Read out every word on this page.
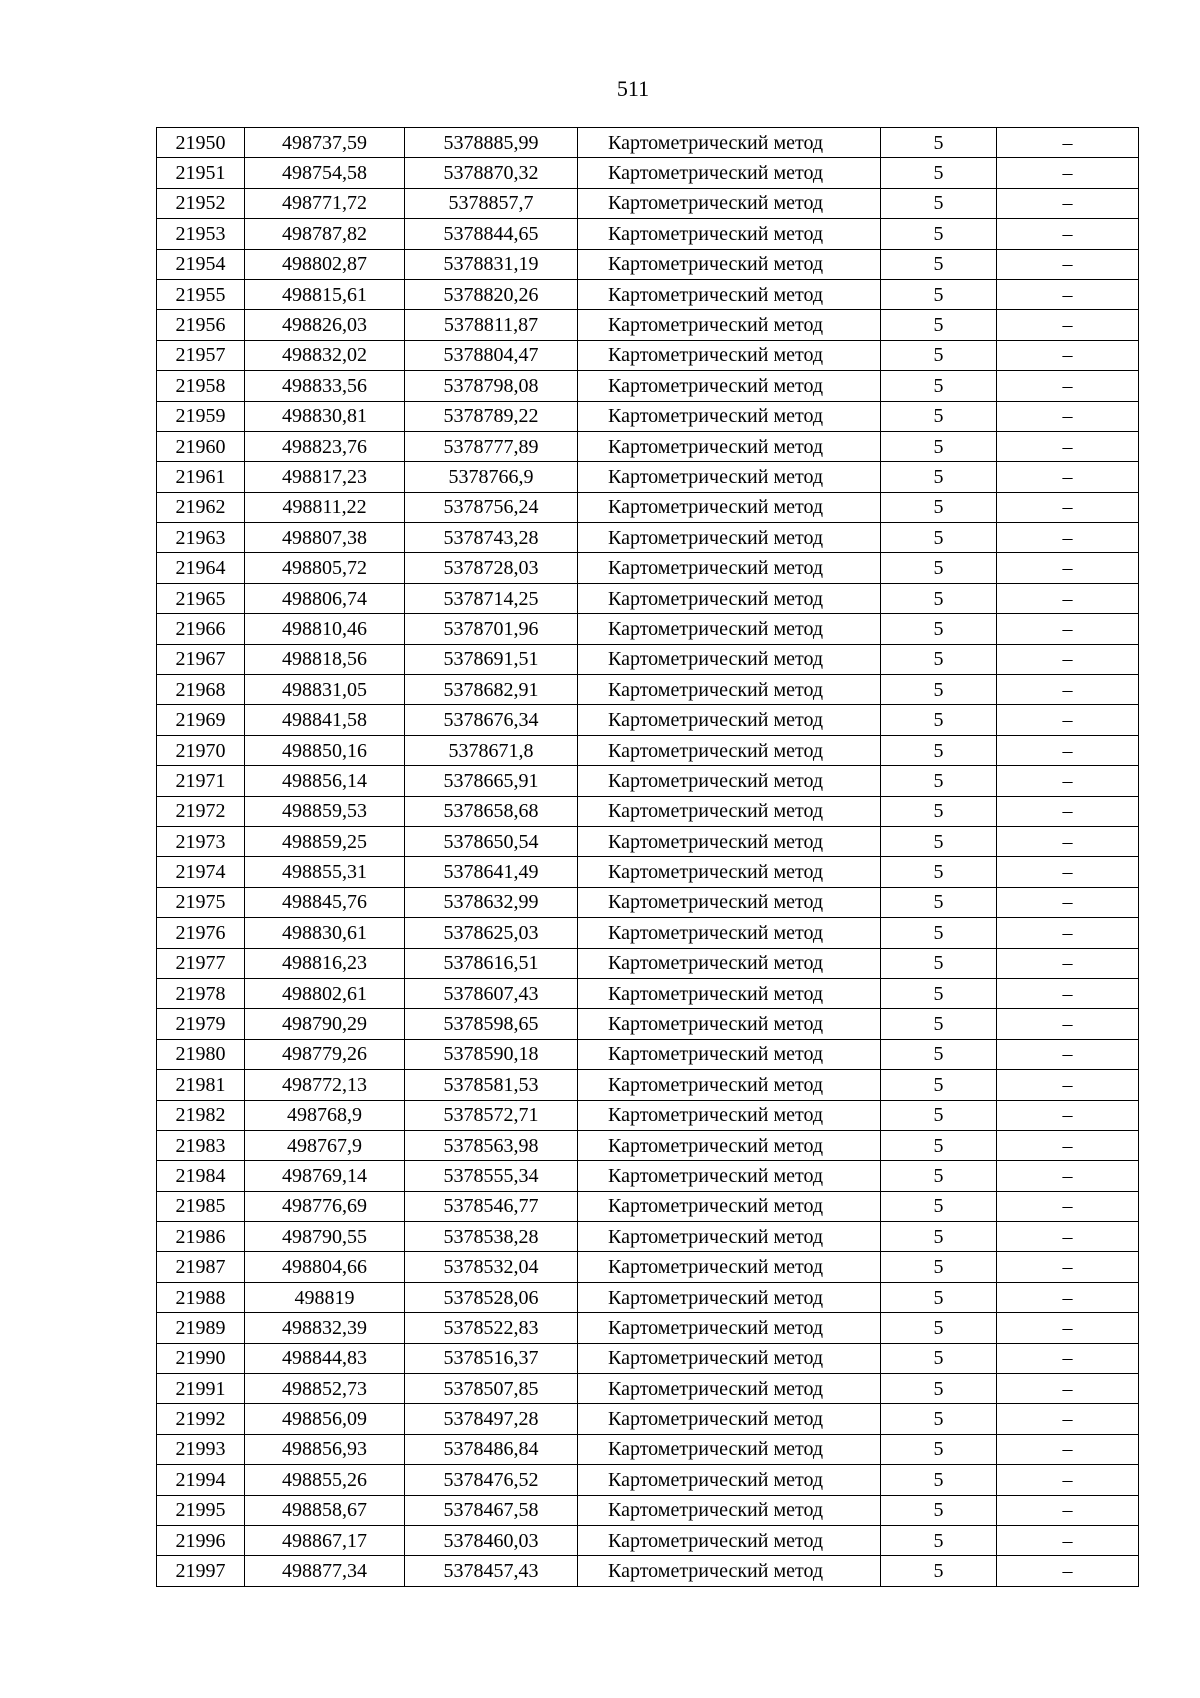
511
21950	498737,59	5378885,99	Картометрический метод	5	–
21951	498754,58	5378870,32	Картометрический метод	5	–
21952	498771,72	5378857,7	Картометрический метод	5	–
21953	498787,82	5378844,65	Картометрический метод	5	–
21954	498802,87	5378831,19	Картометрический метод	5	–
21955	498815,61	5378820,26	Картометрический метод	5	–
21956	498826,03	5378811,87	Картометрический метод	5	–
21957	498832,02	5378804,47	Картометрический метод	5	–
21958	498833,56	5378798,08	Картометрический метод	5	–
21959	498830,81	5378789,22	Картометрический метод	5	–
21960	498823,76	5378777,89	Картометрический метод	5	–
21961	498817,23	5378766,9	Картометрический метод	5	–
21962	498811,22	5378756,24	Картометрический метод	5	–
21963	498807,38	5378743,28	Картометрический метод	5	–
21964	498805,72	5378728,03	Картометрический метод	5	–
21965	498806,74	5378714,25	Картометрический метод	5	–
21966	498810,46	5378701,96	Картометрический метод	5	–
21967	498818,56	5378691,51	Картометрический метод	5	–
21968	498831,05	5378682,91	Картометрический метод	5	–
21969	498841,58	5378676,34	Картометрический метод	5	–
21970	498850,16	5378671,8	Картометрический метод	5	–
21971	498856,14	5378665,91	Картометрический метод	5	–
21972	498859,53	5378658,68	Картометрический метод	5	–
21973	498859,25	5378650,54	Картометрический метод	5	–
21974	498855,31	5378641,49	Картометрический метод	5	–
21975	498845,76	5378632,99	Картометрический метод	5	–
21976	498830,61	5378625,03	Картометрический метод	5	–
21977	498816,23	5378616,51	Картометрический метод	5	–
21978	498802,61	5378607,43	Картометрический метод	5	–
21979	498790,29	5378598,65	Картометрический метод	5	–
21980	498779,26	5378590,18	Картометрический метод	5	–
21981	498772,13	5378581,53	Картометрический метод	5	–
21982	498768,9	5378572,71	Картометрический метод	5	–
21983	498767,9	5378563,98	Картометрический метод	5	–
21984	498769,14	5378555,34	Картометрический метод	5	–
21985	498776,69	5378546,77	Картометрический метод	5	–
21986	498790,55	5378538,28	Картометрический метод	5	–
21987	498804,66	5378532,04	Картометрический метод	5	–
21988	498819	5378528,06	Картометрический метод	5	–
21989	498832,39	5378522,83	Картометрический метод	5	–
21990	498844,83	5378516,37	Картометрический метод	5	–
21991	498852,73	5378507,85	Картометрический метод	5	–
21992	498856,09	5378497,28	Картометрический метод	5	–
21993	498856,93	5378486,84	Картометрический метод	5	–
21994	498855,26	5378476,52	Картометрический метод	5	–
21995	498858,67	5378467,58	Картометрический метод	5	–
21996	498867,17	5378460,03	Картометрический метод	5	–
21997	498877,34	5378457,43	Картометрический метод	5	–
